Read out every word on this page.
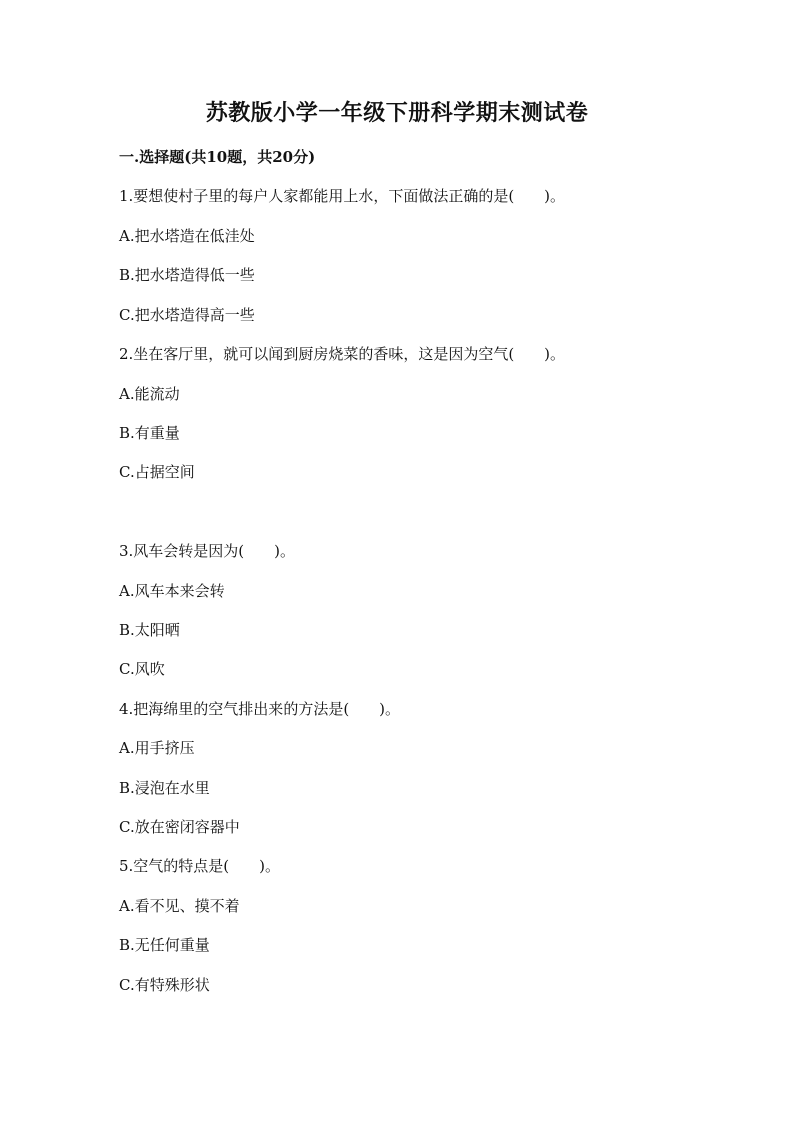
苏教版小学一年级下册科学期末测试卷
一.选择题(共10题，共20分)
1.要想使村子里的每户人家都能用上水，下面做法正确的是(　　)。
A.把水塔造在低洼处
B.把水塔造得低一些
C.把水塔造得高一些
2.坐在客厅里，就可以闻到厨房烧菜的香味，这是因为空气(　　)。
A.能流动
B.有重量
C.占据空间
3.风车会转是因为(　　)。
A.风车本来会转
B.太阳晒
C.风吹
4.把海绵里的空气排出来的方法是(　　)。
A.用手挤压
B.浸泡在水里
C.放在密闭容器中
5.空气的特点是(　　)。
A.看不见、摸不着
B.无任何重量
C.有特殊形状
